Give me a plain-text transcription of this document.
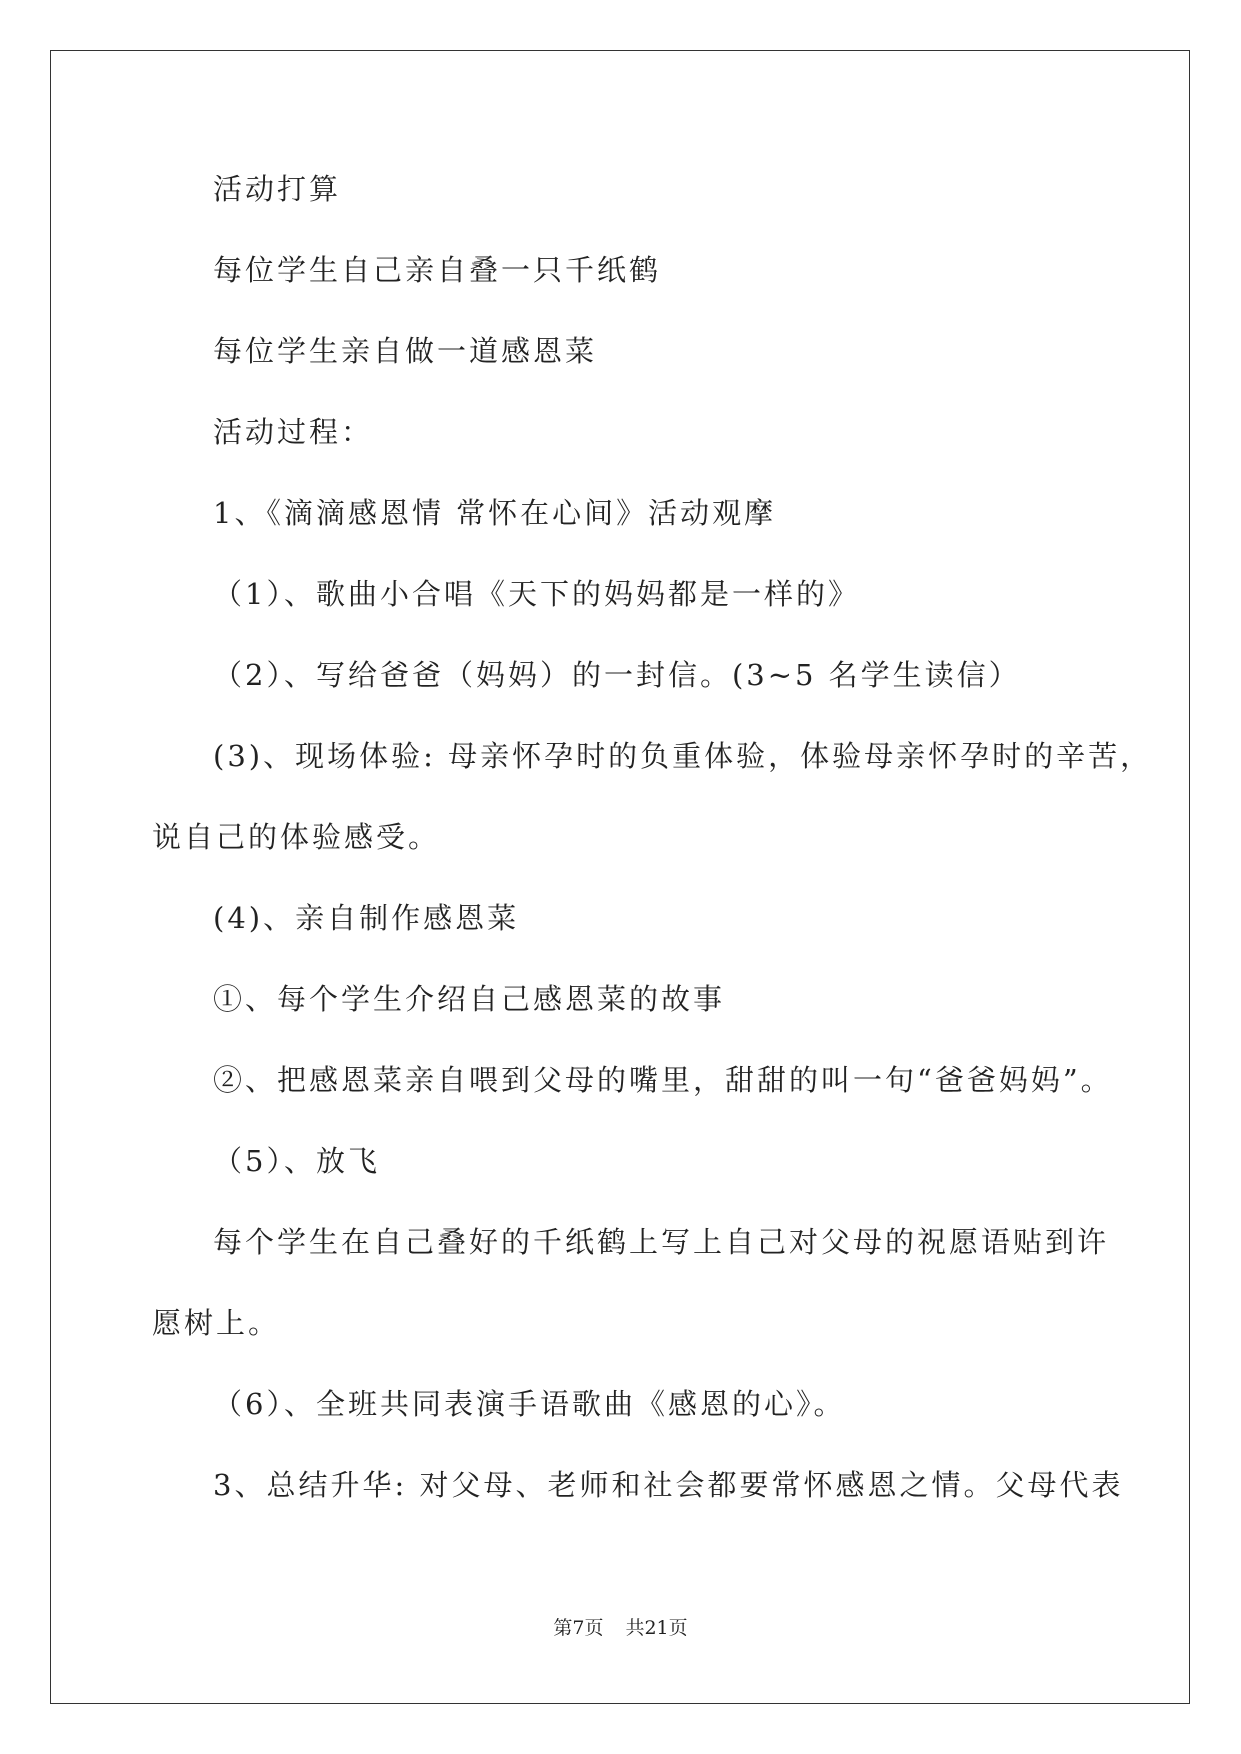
活动打算
每位学生自己亲自叠一只千纸鹤
每位学生亲自做一道感恩菜
活动过程：
1、《滴滴感恩情 常怀在心间》活动观摩
（1）、歌曲小合唱《天下的妈妈都是一样的》
（2）、写给爸爸（妈妈）的一封信。(3~5 名学生读信）
(3)、现场体验: 母亲怀孕时的负重体验，体验母亲怀孕时的辛苦，
说自己的体验感受。
(4)、亲自制作感恩菜
①、每个学生介绍自己感恩菜的故事
②、把感恩菜亲自喂到父母的嘴里，甜甜的叫一句“爸爸妈妈”。
（5）、放飞
每个学生在自己叠好的千纸鹤上写上自己对父母的祝愿语贴到许
愿树上。
（6）、全班共同表演手语歌曲《感恩的心》。
3、总结升华: 对父母、老师和社会都要常怀感恩之情。父母代表
第7页 共21页
